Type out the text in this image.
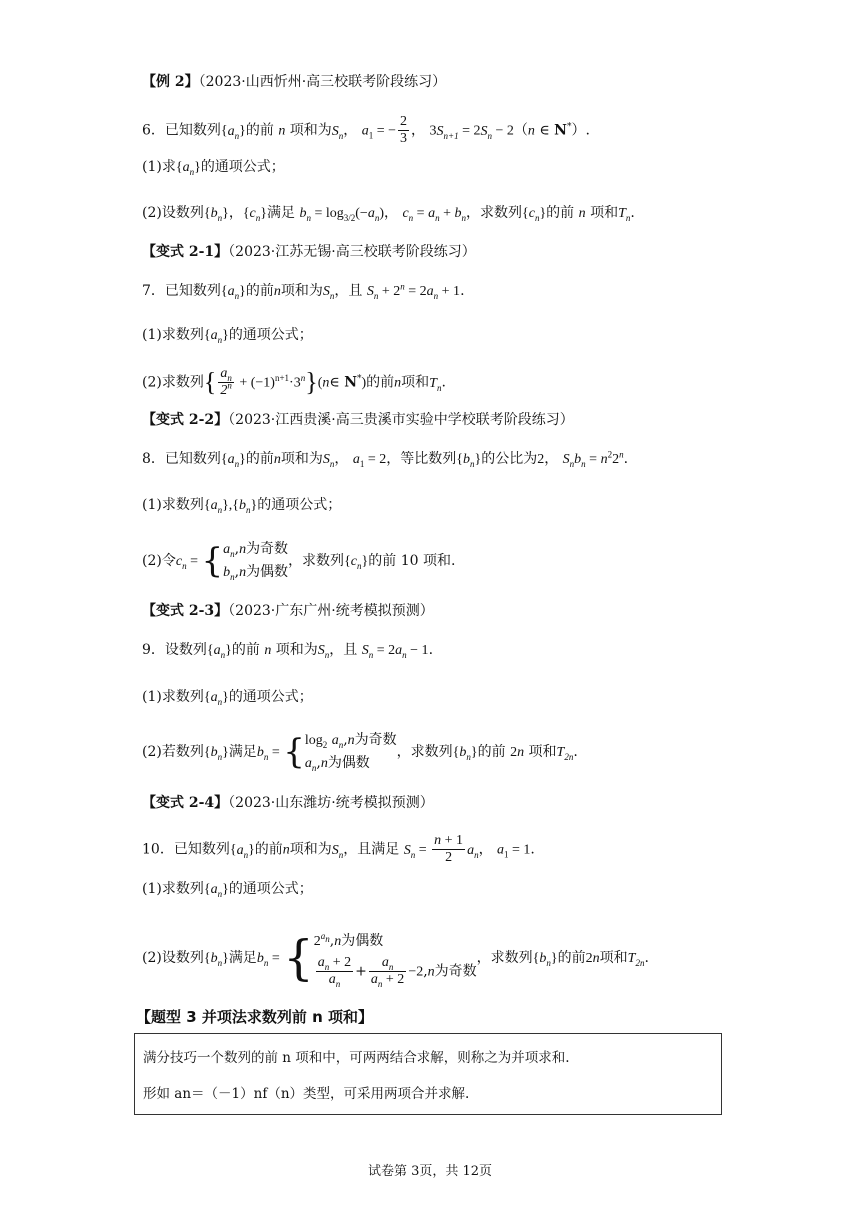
【例 2】（2023·山西忻州·高三校联考阶段练习）
6．已知数列$\{a_n\}$的前 n 项和为$S_n$， $a_1$ = − $\frac{2}{3}$ ， $3S_{n+1} = 2S_n - 2(n$ ∈ N*）.
(1)求$\{a_n\}$的通项公式；
(2)设数列$\{b_n\}$，$\{c_n\}$满足 $b_n = \log_{3/2}(-a_n)$， $c_n = a_n + b_n$，求数列$\{c_n\}$的前 n 项和$T_n$.
【变式 2-1】（2023·江苏无锡·高三校联考阶段练习）
7．已知数列$\{a_n\}$的前n项和为$S_n$，且 $S_n + 2^n = 2a_n + 1$.
(1)求数列$\{a_n\}$的通项公式；
(2)求数列{ $\frac{a_n}{2^n}$ + $(-1)^{n+1}\cdot 3^n\}(n\in$ N*)的前n项和$T_n$.
【变式 2-2】（2023·江西贵溪·高三贵溪市实验中学校联考阶段练习）
8．已知数列$\{a_n\}$的前n项和为$S_n$， $a_1 = 2$，等比数列$\{b_n\}$的公比为2， $S_nb_n = n^22^n$.
(1)求数列$\{a_n\},\{b_n\}$的通项公式；
(2)令$c_n$ = { $a_n,n$为奇数
$b_n,n$为偶数
，求数列$\{c_n\}$的前 10 项和.
【变式 2-3】（2023·广东广州·统考模拟预测）
9．设数列$\{a_n\}$的前 n 项和为$S_n$，且 $S_n = 2a_n - 1$.
(1)求数列$\{a_n\}$的通项公式；
(2)若数列$\{b_n\}$满足$b_n$ = { $\log_2 a_n,n$为奇数
$a_n,n$为偶数
，求数列$\{b_n\}$的前 2n 项和$T_{2n}$.
【变式 2-4】（2023·山东潍坊·统考模拟预测）
10．已知数列$\{a_n\}$的前n项和为$S_n$，且满足 $S_n = \frac{n + 1}{2} a_n$， $a_1 = 1$.
(1)求数列$\{a_n\}$的通项公式；
(2)设数列$\{b_n\}$满足$b_n$ = { $2^{a_n},n$为偶数
$\frac{a_n + 2}{a_n} + \frac{a_n}{a_n + 2} -2,n$为奇数
，求数列$\{b_n\}$的前2n项和$T_{2n}$.
【题型 3 并项法求数列前 n 项和】
满分技巧一个数列的前 n 项和中，可两两结合求解，则称之为并项求和.
形如 an＝（－1）nf（n）类型，可采用两项合并求解.
试卷第 3页，共 12页
